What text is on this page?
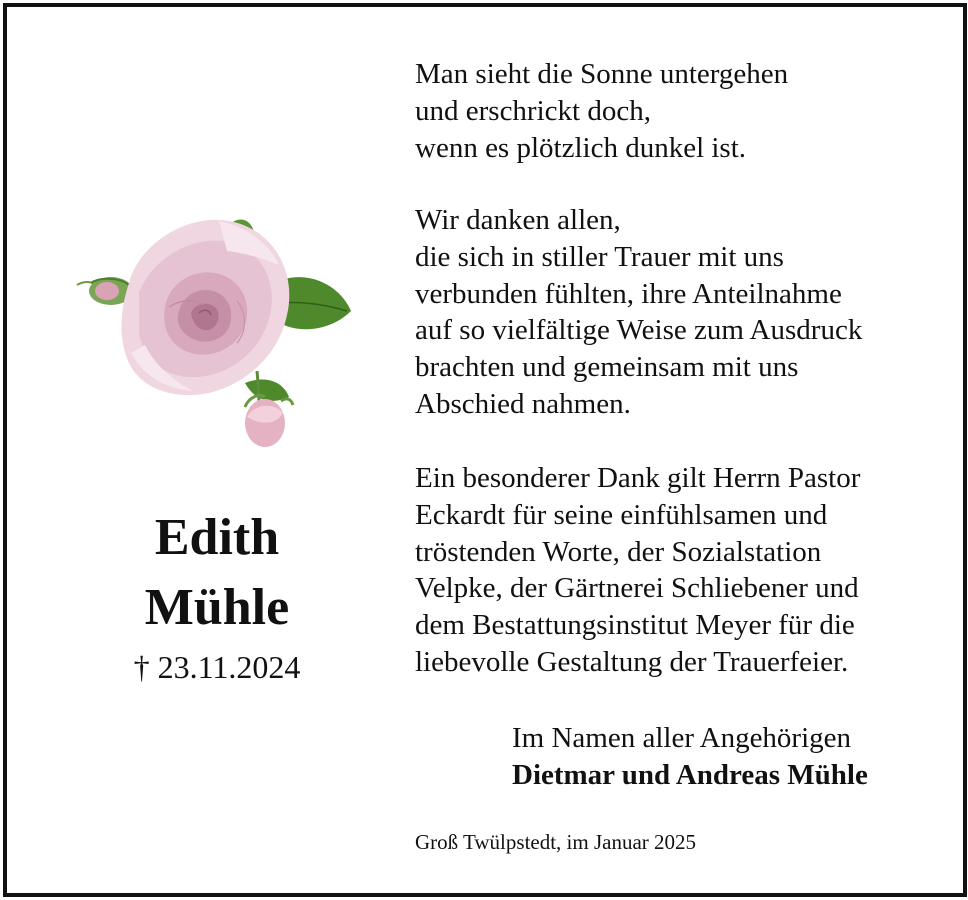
Edith
Mühle
† 23.11.2024
Man sieht die Sonne untergehen
und erschrickt doch,
wenn es plötzlich dunkel ist.
Wir danken allen,
die sich in stiller Trauer mit uns
verbunden fühlten, ihre Anteilnahme
auf so vielfältige Weise zum Ausdruck
brachten und gemeinsam mit uns
Abschied nahmen.
Ein besonderer Dank gilt Herrn Pastor
Eckardt für seine einfühlsamen und
tröstenden Worte, der Sozialstation
Velpke, der Gärtnerei Schliebener und
dem Bestattungsinstitut Meyer für die
liebevolle Gestaltung der Trauerfeier.
Im Namen aller Angehörigen
Dietmar und Andreas Mühle
Groß Twülpstedt, im Januar 2025
